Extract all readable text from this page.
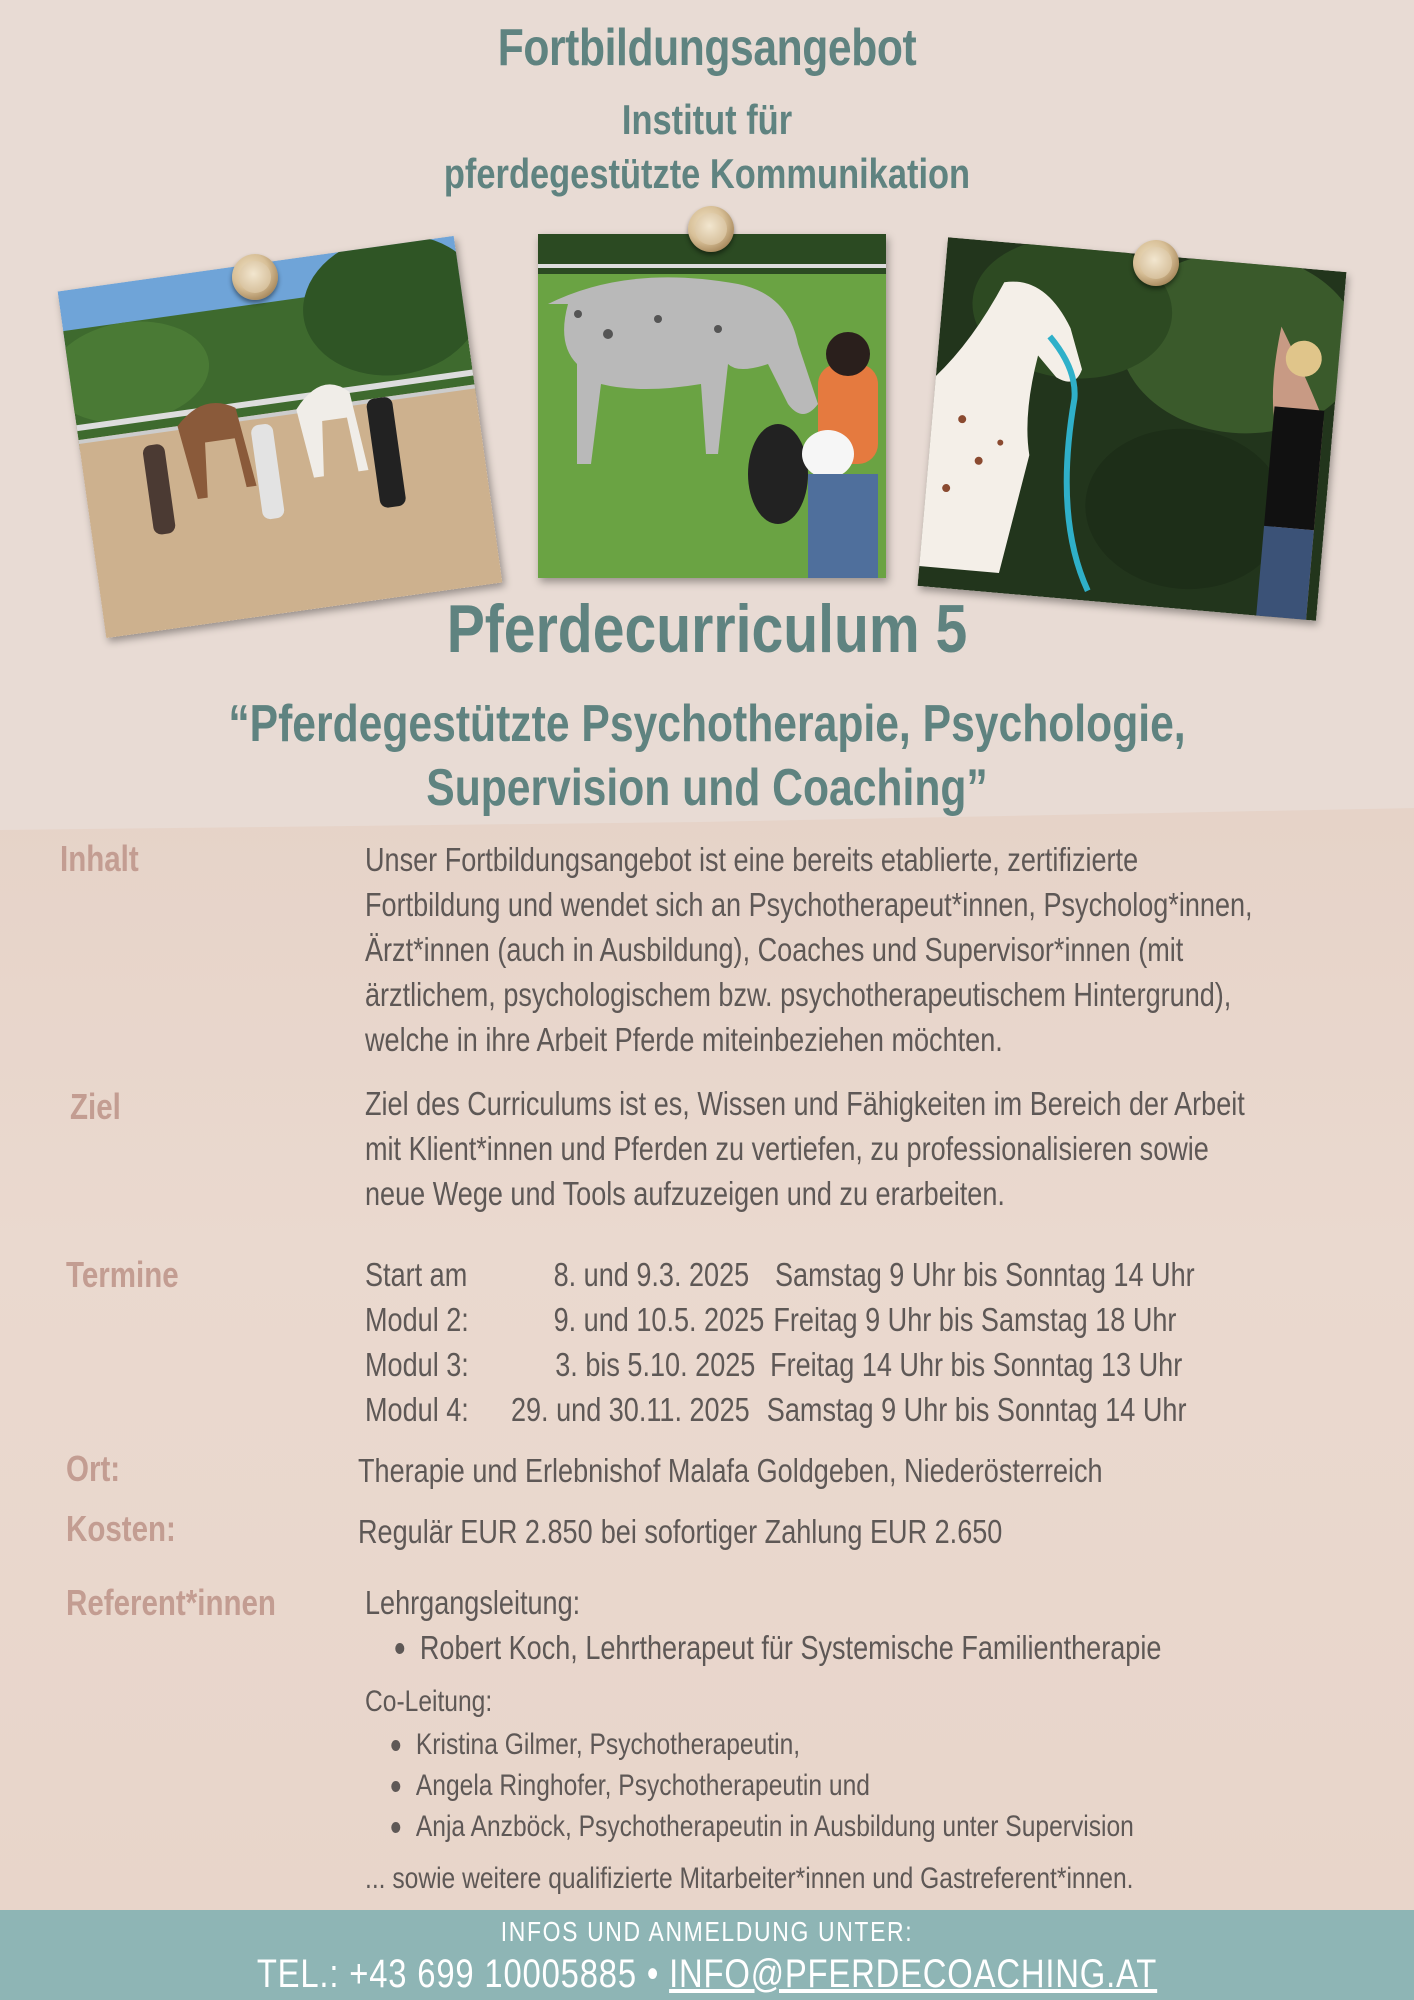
Fortbildungsangebot
Institut für
pferdegestützte Kommunikation
Pferdecurriculum 5
“Pferdegestützte Psychotherapie, Psychologie,
Supervision und Coaching”
Inhalt	Unser Fortbildungsangebot ist eine bereits etablierte, zertifizierte
Fortbildung und wendet sich an Psychotherapeut*innen, Psycholog*innen,
Ärzt*innen (auch in Ausbildung), Coaches und Supervisor*innen (mit
ärztlichem, psychologischem bzw. psychotherapeutischem Hintergrund),
welche in ihre Arbeit Pferde miteinbeziehen möchten.
Ziel	Ziel des Curriculums ist es, Wissen und Fähigkeiten im Bereich der Arbeit
mit Klient*innen und Pferden zu vertiefen, zu professionalisieren sowie
neue Wege und Tools aufzuzeigen und zu erarbeiten.
Termine	Start am	8. und 9.3. 2025 Samstag 9 Uhr bis Sonntag 14 Uhr
Modul 2:	9. und 10.5. 2025 Freitag 9 Uhr bis Samstag 18 Uhr
Modul 3:	3. bis 5.10. 2025 Freitag 14 Uhr bis Sonntag 13 Uhr
Modul 4: 29. und 30.11. 2025 Samstag 9 Uhr bis Sonntag 14 Uhr
Ort:	Therapie und Erlebnishof Malafa Goldgeben, Niederösterreich
Kosten:	Regulär EUR 2.850 bei sofortiger Zahlung EUR 2.650
Referent*innen	Lehrgangsleitung:
Robert Koch, Lehrtherapeut für Systemische Familientherapie
Co-Leitung:
Kristina Gilmer, Psychotherapeutin,
Angela Ringhofer, Psychotherapeutin und
Anja Anzböck, Psychotherapeutin in Ausbildung unter Supervision
... sowie weitere qualifizierte Mitarbeiter*innen und Gastreferent*innen.
INFOS UND ANMELDUNG UNTER:
TEL.: +43 699 10005885 • INFO@PFERDECOACHING.AT
